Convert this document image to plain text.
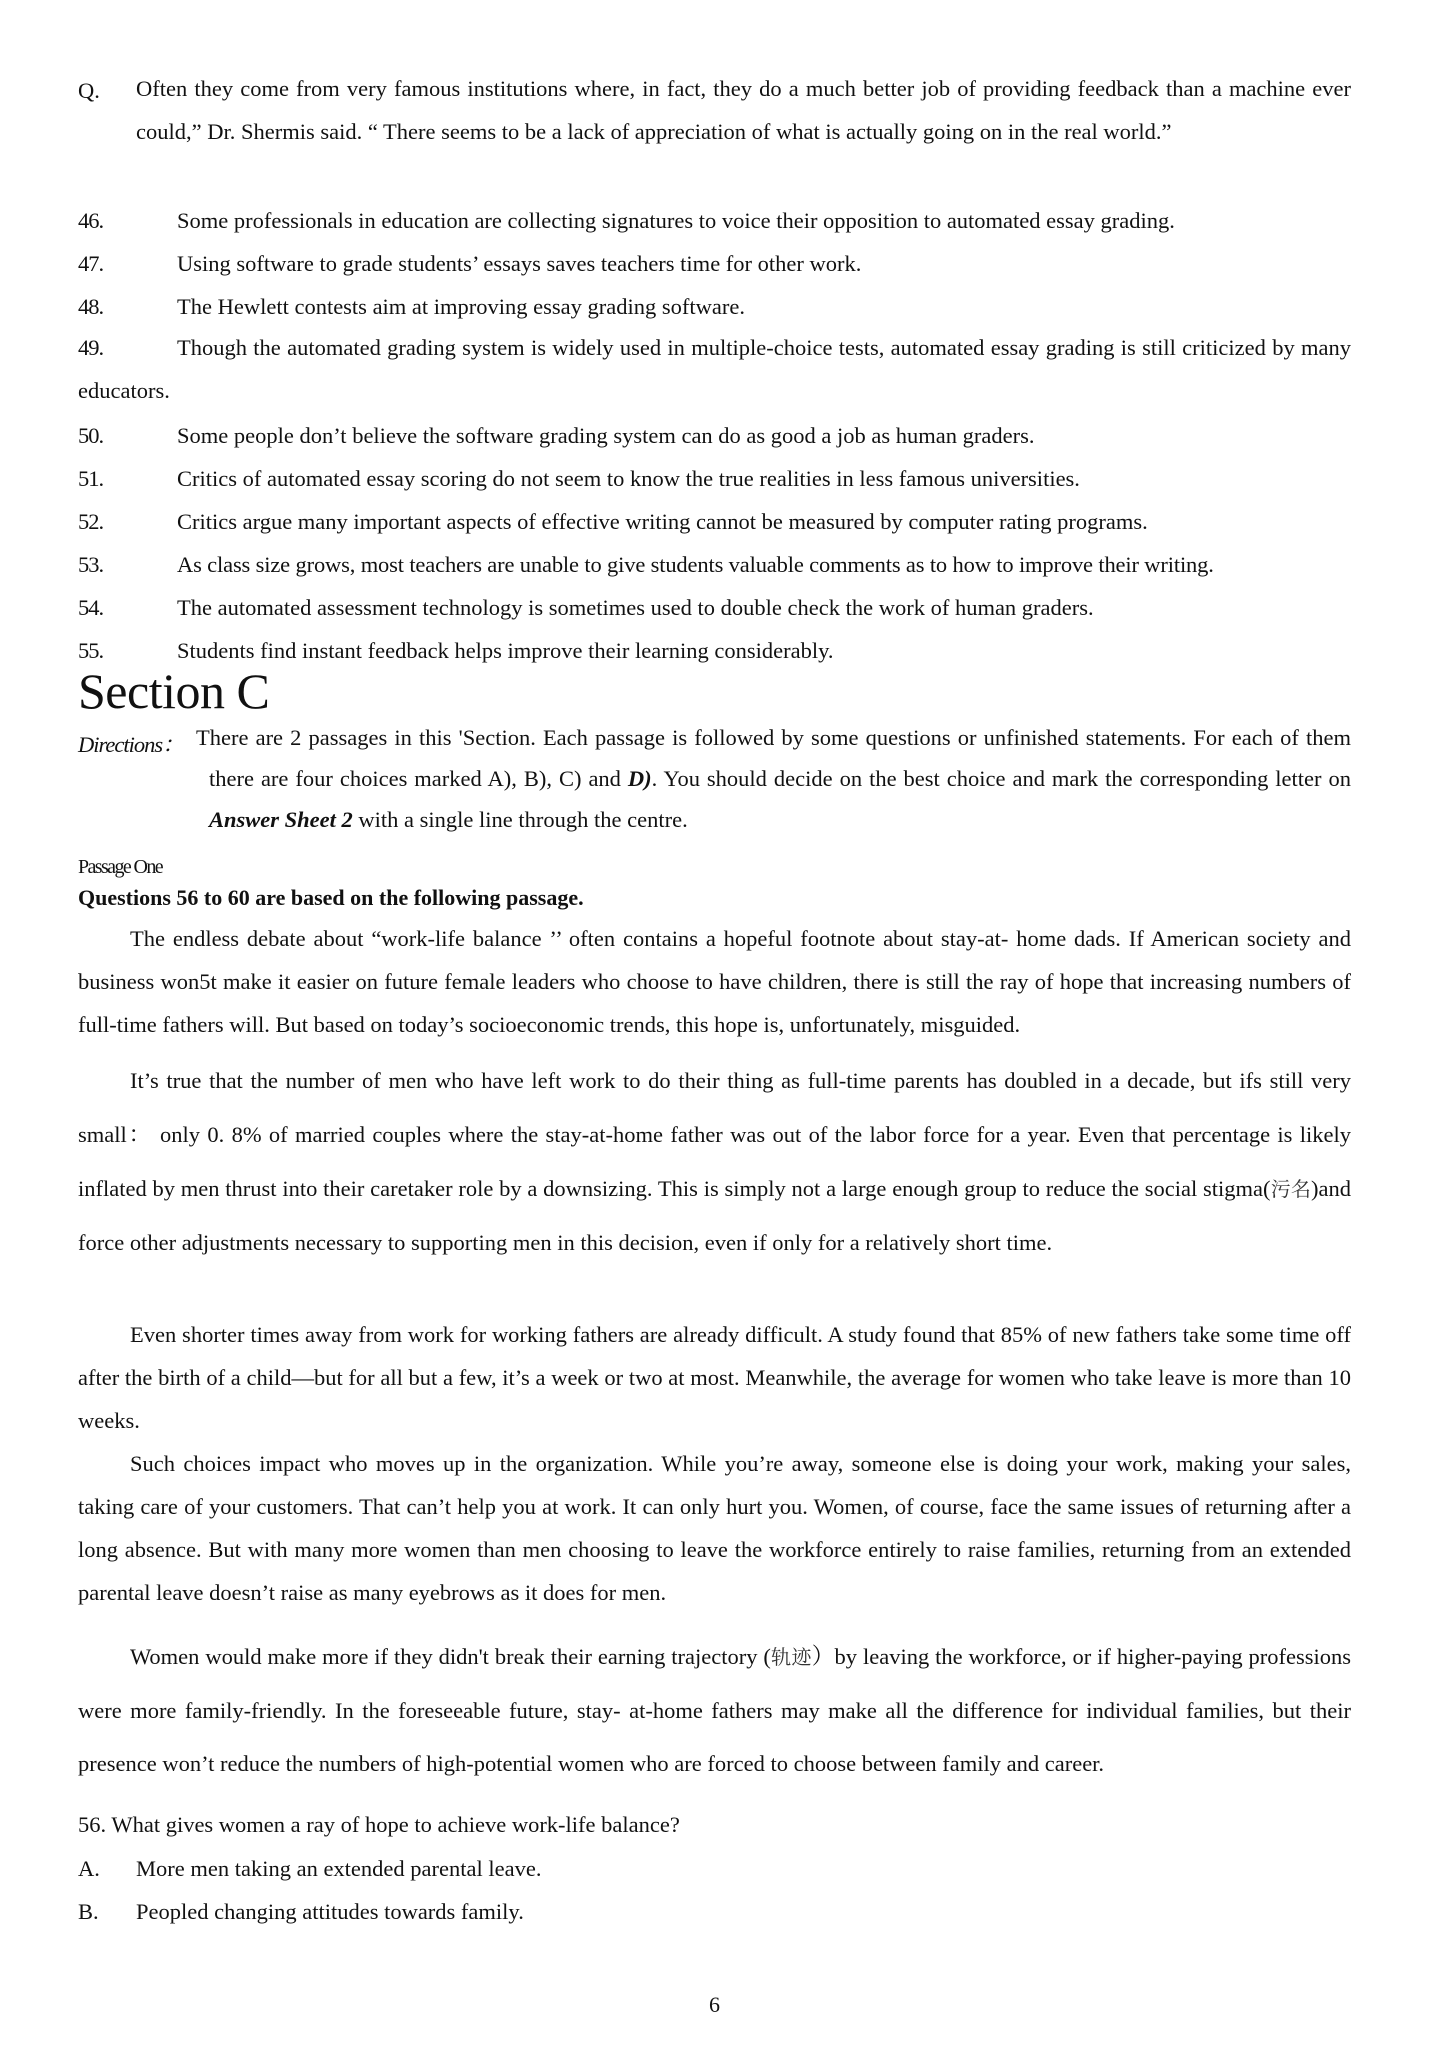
Q. Often they come from very famous institutions where, in fact, they do a much better job of providing feedback than a machine ever could,” Dr. Shermis said. “ There seems to be a lack of appreciation of what is actually going on in the real world.”
46.	Some professionals in education are collecting signatures to voice their opposition to automated essay grading.
47.	Using software to grade students’ essays saves teachers time for other work.
48.	The Hewlett contests aim at improving essay grading software.
49.	Though the automated grading system is widely used in multiple-choice tests, automated essay grading is still criticized by many educators.
50.	Some people don’t believe the software grading system can do as good a job as human graders.
51.	Critics of automated essay scoring do not seem to know the true realities in less famous universities.
52.	Critics argue many important aspects of effective writing cannot be measured by computer rating programs.
53.	As class size grows, most teachers are unable to give students valuable comments as to how to improve their writing.
54.	The automated assessment technology is sometimes used to double check the work of human graders.
55.	Students find instant feedback helps improve their learning considerably.
Section C
Directions： There are 2 passages in this 'Section. Each passage is followed by some questions or unfinished statements. For each of them there are four choices marked A), B), C) and D). You should decide on the best choice and mark the corresponding letter on Answer Sheet 2 with a single line through the centre.
Passage One
Questions 56 to 60 are based on the following passage.
The endless debate about “work-life balance ’’ often contains a hopeful footnote about stay-at- home dads. If American society and business won5t make it easier on future female leaders who choose to have children, there is still the ray of hope that increasing numbers of full-time fathers will. But based on today’s socioeconomic trends, this hope is, unfortunately, misguided.
It’s true that the number of men who have left work to do their thing as full-time parents has doubled in a decade, but ifs still very small： only 0. 8% of married couples where the stay-at-home father was out of the labor force for a year. Even that percentage is likely inflated by men thrust into their caretaker role by a downsizing. This is simply not a large enough group to reduce the social stigma(污名)and force other adjustments necessary to supporting men in this decision, even if only for a relatively short time.
Even shorter times away from work for working fathers are already difficult. A study found that 85% of new fathers take some time off after the birth of a child—but for all but a few, it’s a week or two at most. Meanwhile, the average for women who take leave is more than 10 weeks.
Such choices impact who moves up in the organization. While you’re away, someone else is doing your work, making your sales, taking care of your customers. That can’t help you at work. It can only hurt you. Women, of course, face the same issues of returning after a long absence. But with many more women than men choosing to leave the workforce entirely to raise families, returning from an extended parental leave doesn’t raise as many eyebrows as it does for men.
Women would make more if they didn't break their earning trajectory (轨迹）by leaving the workforce, or if higher-paying professions were more family-friendly. In the foreseeable future, stay- at-home fathers may make all the difference for individual families, but their presence won’t reduce the numbers of high-potential women who are forced to choose between family and career.
56. What gives women a ray of hope to achieve work-life balance?
A. More men taking an extended parental leave.
B. Peopled changing attitudes towards family.
6
